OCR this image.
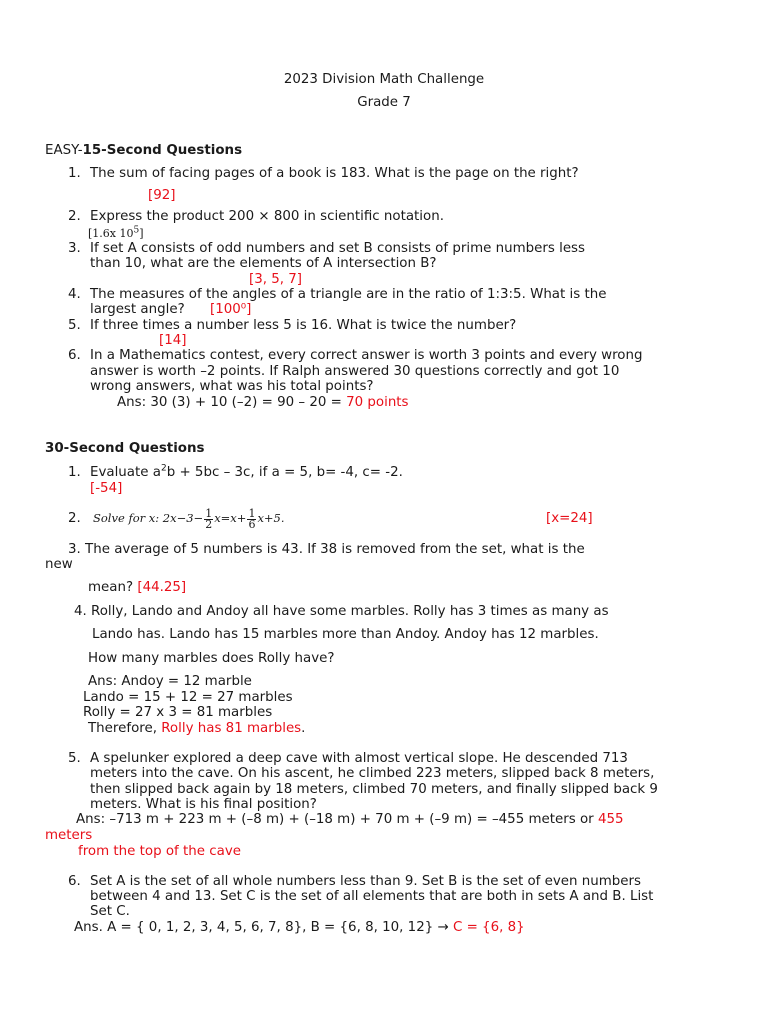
2023 Division Math Challenge
Grade 7
EASY-15-Second Questions
1. The sum of facing pages of a book is 183. What is the page on the right?
[92]
2. Express the product 200 × 800 in scientific notation.
[1.6x $10^5$]
3. If set A consists of odd numbers and set B consists of prime numbers less
than 10, what are the elements of A intersection B?
[3, 5, 7]
4. The measures of the angles of a triangle are in the ratio of 1:3:5. What is the
largest angle? [100⁰]
5. If three times a number less 5 is 16. What is twice the number?
[14]
6. In a Mathematics contest, every correct answer is worth 3 points and every wrong
answer is worth –2 points. If Ralph answered 30 questions correctly and got 10
wrong answers, what was his total points?
Ans: 30 (3) + 10 (–2) = 90 – 20 = 70 points
30-Second Questions
1. Evaluate $a^2b + 5bc - 3c$, if a = 5, b= -4, c= -2.
[-54]
2. Solve for x: $2x-3- \frac{1}{2} x=x+ \frac{1}{6} x+5$.	[x=24]
3. The average of 5 numbers is 43. If 38 is removed from the set, what is the
new
mean? [44.25]
4. Rolly, Lando and Andoy all have some marbles. Rolly has 3 times as many as
Lando has. Lando has 15 marbles more than Andoy. Andoy has 12 marbles.
How many marbles does Rolly have?
Ans: Andoy = 12 marble
Lando = 15 + 12 = 27 marbles
Rolly = 27 x 3 = 81 marbles
Therefore, Rolly has 81 marbles.
5. A spelunker explored a deep cave with almost vertical slope. He descended 713
meters into the cave. On his ascent, he climbed 223 meters, slipped back 8 meters,
then slipped back again by 18 meters, climbed 70 meters, and finally slipped back 9
meters. What is his final position?
Ans: –713 m + 223 m + (–8 m) + (–18 m) + 70 m + (–9 m) = –455 meters or 455
meters
from the top of the cave
6. Set A is the set of all whole numbers less than 9. Set B is the set of even numbers
between 4 and 13. Set C is the set of all elements that are both in sets A and B. List
Set C.
Ans. A = { 0, 1, 2, 3, 4, 5, 6, 7, 8}, B = {6, 8, 10, 12} → C = {6, 8}
